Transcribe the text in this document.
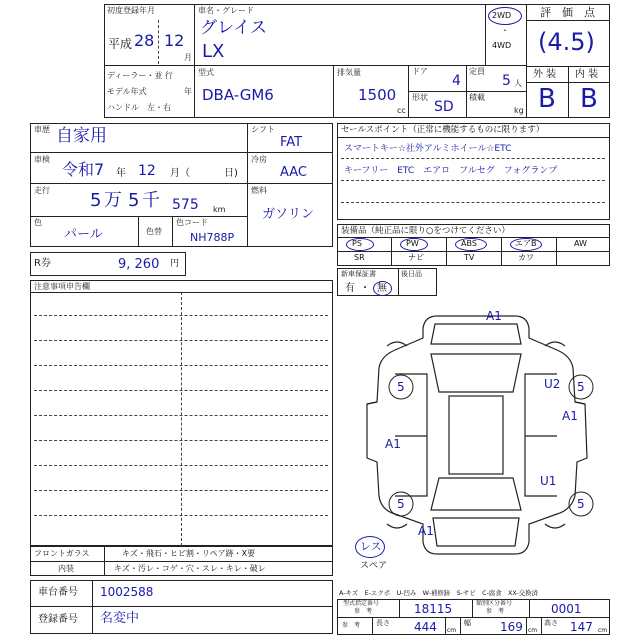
初度登録年月
平成 28 12
月
車名・グレード
グレイス
LX
2WD
・
4WD
評　価　点
(4.5)
外 装 内 装
B B
ディーラー・並 行
モデル年式	年
ハンドル　左・右
型式
DBA-GM6
排気量
1500
cc
ドア
4
定員
5 人
形状
SD
積載
kg
車歴 自家用
車検
令和7 年 12 月（	日)
走行 5 万 5 千 575 km
色
パール	色替
色コード
NH788P
シフト
FAT
冷房
AAC
燃料
ガソリン
R券	9, 260 円
注意事項申告欄
セールスポイント（正常に機能するものに限ります）
スマートキー☆社外アルミホイール☆ETC
キーフリー　ETC　エアロ　フルセグ　フォグランプ
装備品（純正品に限り○をつけてください）
PS	PW	ABS	エアB	AW
SR	ナビ	TV	カワ
新車保証書	後日品
有 ・ 無
A1
5	U2 5
A1
A1
U1
5	5
A1
レス
スペア
フロントガラス	キズ・飛石・ヒビ割・リペア跡・X要
内装	キズ・汚レ・コゲ・穴・スレ・キレ・破レ
車台番号 1002588
登録番号 名変中
A-キズ　E-エクボ　U-凹み　W-補修跡　S-サビ　C-腐食　XX-交換済
型式指定番号
参　考	18115	類別区分番号
参　考	0001
参　考 長さ 444 cm
幅 169 cm
高さ 147 cm
